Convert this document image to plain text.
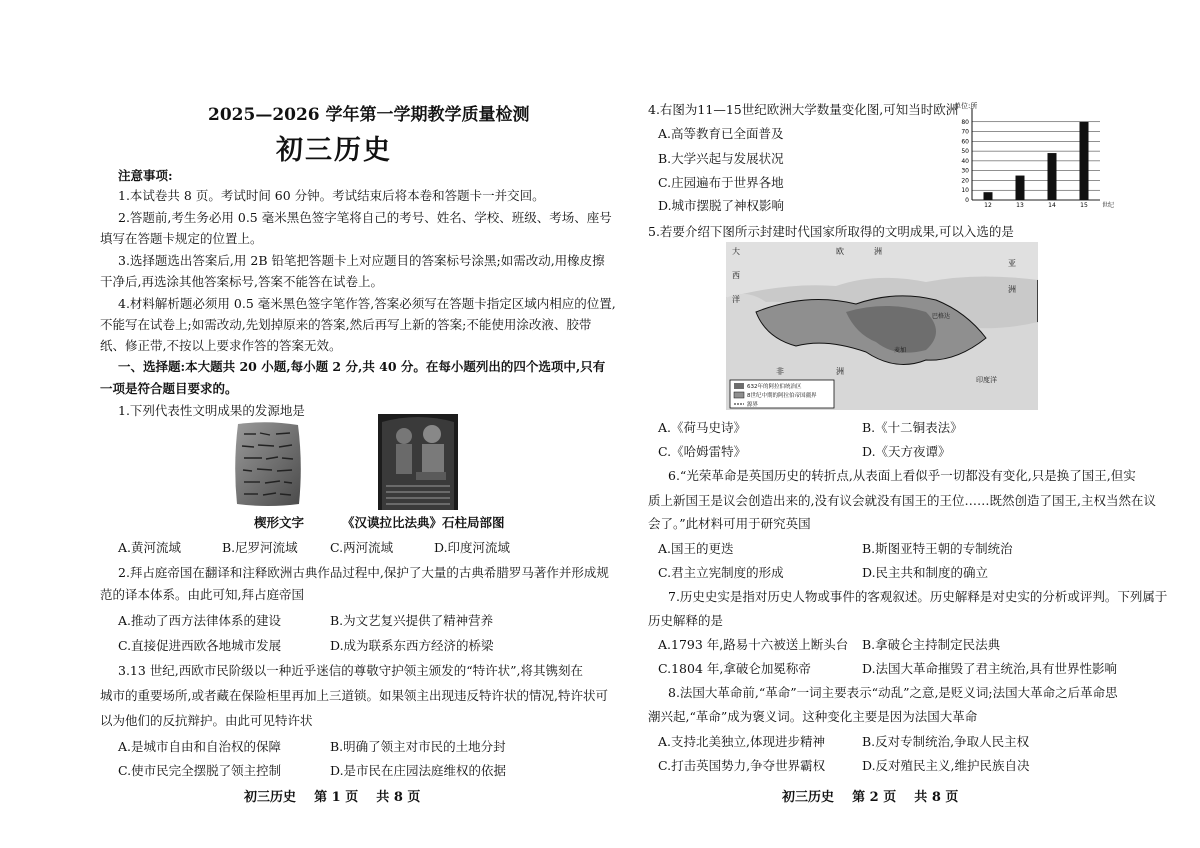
2025—2026 学年第一学期教学质量检测
初三历史
注意事项:
1.本试卷共 8 页。考试时间 60 分钟。考试结束后将本卷和答题卡一并交回。
2.答题前,考生务必用 0.5 毫米黑色签字笔将自己的考号、姓名、学校、班级、考场、座号
填写在答题卡规定的位置上。
3.选择题选出答案后,用 2B 铅笔把答题卡上对应题目的答案标号涂黑;如需改动,用橡皮擦
干净后,再选涂其他答案标号,答案不能答在试卷上。
4.材料解析题必须用 0.5 毫米黑色签字笔作答,答案必须写在答题卡指定区域内相应的位置,
不能写在试卷上;如需改动,先划掉原来的答案,然后再写上新的答案;不能使用涂改液、胶带
纸、修正带,不按以上要求作答的答案无效。
一、选择题:本大题共 20 小题,每小题 2 分,共 40 分。在每小题列出的四个选项中,只有
一项是符合题目要求的。
1.下列代表性文明成果的发源地是
楔形文字	《汉谟拉比法典》石柱局部图
A.黄河流域	B.尼罗河流域	C.两河流域	D.印度河流域
2.拜占庭帝国在翻译和注释欧洲古典作品过程中,保护了大量的古典希腊罗马著作并形成规
范的译本体系。由此可知,拜占庭帝国
A.推动了西方法律体系的建设	B.为文艺复兴提供了精神营养
C.直接促进西欧各地城市发展	D.成为联系东西方经济的桥梁
3.13 世纪,西欧市民阶级以一种近乎迷信的尊敬守护领主颁发的“特许状”,将其镌刻在
城市的重要场所,或者藏在保险柜里再加上三道锁。如果领主出现违反特许状的情况,特许状可
以为他们的反抗辩护。由此可见特许状
A.是城市自由和自治权的保障	B.明确了领主对市民的土地分封
C.使市民完全摆脱了领主控制	D.是市民在庄园法庭维权的依据
初三历史    第 1 页    共 8 页
4.右图为11—15世纪欧洲大学数量变化图,可知当时欧洲
A.高等教育已全面普及
B.大学兴起与发展状况
C.庄园遍布于世界各地
D.城市摆脱了神权影响
单位:所
世纪
0
10
20
30
40
50
60
70
80
12	13	14	15
5.若要介绍下图所示封建时代国家所取得的文明成果,可以入选的是
632年的阿拉伯统治区
8世纪中期的阿拉伯帝国疆界
源界
大
西
洋
欧	洲
巴格达
麦加
亚
洲
非	洲
印度洋
A.《荷马史诗》	B.《十二铜表法》
C.《哈姆雷特》	D.《天方夜谭》
6.“光荣革命是英国历史的转折点,从表面上看似乎一切都没有变化,只是换了国王,但实
质上新国王是议会创造出来的,没有议会就没有国王的王位……既然创造了国王,主权当然在议
会了。”此材料可用于研究英国
A.国王的更迭	B.斯图亚特王朝的专制统治
C.君主立宪制度的形成	D.民主共和制度的确立
7.历史史实是指对历史人物或事件的客观叙述。历史解释是对史实的分析或评判。下列属于
历史解释的是
A.1793 年,路易十六被送上断头台 B.拿破仑主持制定民法典
C.1804 年,拿破仑加冕称帝	D.法国大革命摧毁了君主统治,具有世界性影响
8.法国大革命前,“革命”一词主要表示“动乱”之意,是贬义词;法国大革命之后革命思
潮兴起,“革命”成为褒义词。这种变化主要是因为法国大革命
A.支持北美独立,体现进步精神	B.反对专制统治,争取人民主权
C.打击英国势力,争夺世界霸权	D.反对殖民主义,维护民族自决
初三历史    第 2 页    共 8 页
